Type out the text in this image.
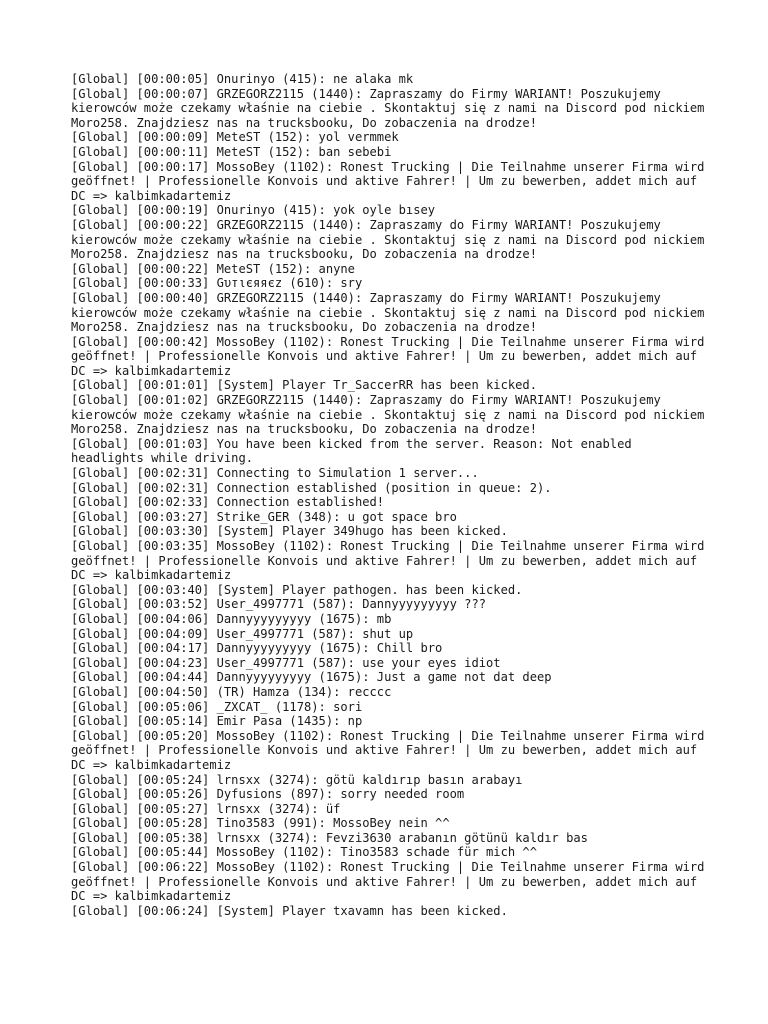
[Global] [00:00:05] Onurinyo (415): ne alaka mk
[Global] [00:00:07] GRZEGORZ2115 (1440): Zapraszamy do Firmy WARIANT! Poszukujemy kierowców może czekamy właśnie na ciebie . Skontaktuj się z nami na Discord pod nickiem Moro258. Znajdziesz nas na trucksbooku, Do zobaczenia na drodze!
[Global] [00:00:09] MeteST (152): yol vermmek
[Global] [00:00:11] MeteST (152): ban sebebi
[Global] [00:00:17] MossoBey (1102): Ronest Trucking | Die Teilnahme unserer Firma wird geöffnet! | Professionelle Konvois und aktive Fahrer! | Um zu bewerben, addet mich auf DC => kalbimkadartemiz
[Global] [00:00:19] Onurinyo (415): yok oyle bısey
[Global] [00:00:22] GRZEGORZ2115 (1440): Zapraszamy do Firmy WARIANT! Poszukujemy kierowców może czekamy właśnie na ciebie . Skontaktuj się z nami na Discord pod nickiem Moro258. Znajdziesz nas na trucksbooku, Do zobaczenia na drodze!
[Global] [00:00:22] MeteST (152): anyne
[Global] [00:00:33] Gυтιєяяєz (610): sry
[Global] [00:00:40] GRZEGORZ2115 (1440): Zapraszamy do Firmy WARIANT! Poszukujemy kierowców może czekamy właśnie na ciebie . Skontaktuj się z nami na Discord pod nickiem Moro258. Znajdziesz nas na trucksbooku, Do zobaczenia na drodze!
[Global] [00:00:42] MossoBey (1102): Ronest Trucking | Die Teilnahme unserer Firma wird geöffnet! | Professionelle Konvois und aktive Fahrer! | Um zu bewerben, addet mich auf DC => kalbimkadartemiz
[Global] [00:01:01] [System] Player Tr_SaccerRR has been kicked.
[Global] [00:01:02] GRZEGORZ2115 (1440): Zapraszamy do Firmy WARIANT! Poszukujemy kierowców może czekamy właśnie na ciebie . Skontaktuj się z nami na Discord pod nickiem Moro258. Znajdziesz nas na trucksbooku, Do zobaczenia na drodze!
[Global] [00:01:03] You have been kicked from the server. Reason: Not enabled headlights while driving.
[Global] [00:02:31] Connecting to Simulation 1 server...
[Global] [00:02:31] Connection established (position in queue: 2).
[Global] [00:02:33] Connection established!
[Global] [00:03:27] Strike_GER (348): u got space bro
[Global] [00:03:30] [System] Player 349hugo has been kicked.
[Global] [00:03:35] MossoBey (1102): Ronest Trucking | Die Teilnahme unserer Firma wird geöffnet! | Professionelle Konvois und aktive Fahrer! | Um zu bewerben, addet mich auf DC => kalbimkadartemiz
[Global] [00:03:40] [System] Player pathogen. has been kicked.
[Global] [00:03:52] User_4997771 (587): Dannyyyyyyyyy ???
[Global] [00:04:06] Dannyyyyyyyyy (1675): mb
[Global] [00:04:09] User_4997771 (587): shut up
[Global] [00:04:17] Dannyyyyyyyyy (1675): Chill bro
[Global] [00:04:23] User_4997771 (587): use your eyes idiot
[Global] [00:04:44] Dannyyyyyyyyy (1675): Just a game not dat deep
[Global] [00:04:50] (TR) Hamza (134): recccc
[Global] [00:05:06] _ZXCAT_ (1178): sori
[Global] [00:05:14] Emir Pasa (1435): np
[Global] [00:05:20] MossoBey (1102): Ronest Trucking | Die Teilnahme unserer Firma wird geöffnet! | Professionelle Konvois und aktive Fahrer! | Um zu bewerben, addet mich auf DC => kalbimkadartemiz
[Global] [00:05:24] lrnsxx (3274): götü kaldırıp basın arabayı
[Global] [00:05:26] Dyfusions (897): sorry needed room
[Global] [00:05:27] lrnsxx (3274): üf
[Global] [00:05:28] Tino3583 (991): MossoBey nein ^^
[Global] [00:05:38] lrnsxx (3274): Fevzi3630 arabanın götünü kaldır bas
[Global] [00:05:44] MossoBey (1102): Tino3583 schade für mich ^^
[Global] [00:06:22] MossoBey (1102): Ronest Trucking | Die Teilnahme unserer Firma wird geöffnet! | Professionelle Konvois und aktive Fahrer! | Um zu bewerben, addet mich auf DC => kalbimkadartemiz
[Global] [00:06:24] [System] Player txavamn has been kicked.
